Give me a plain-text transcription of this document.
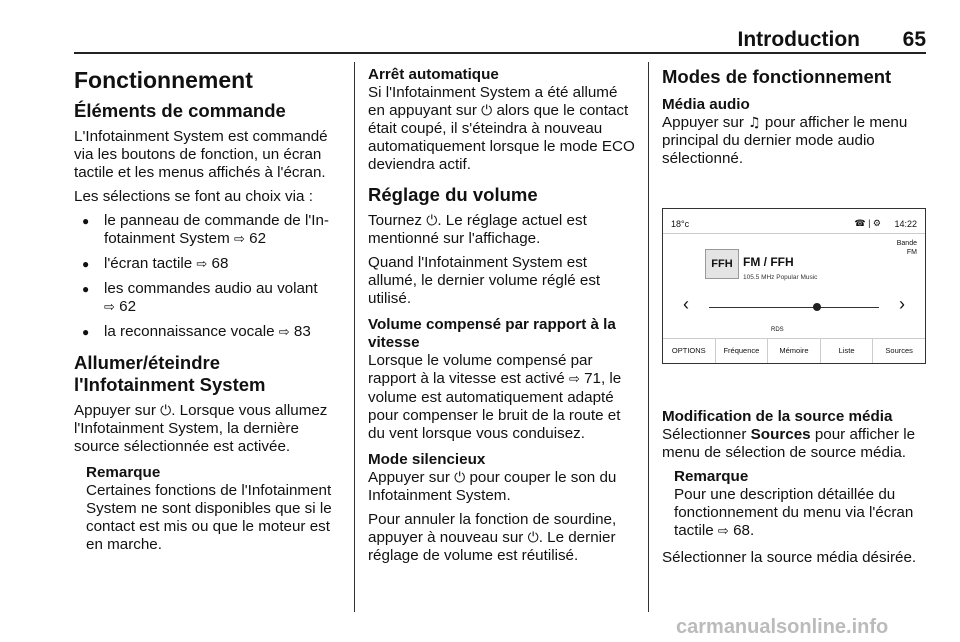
Introduction 65
Fonctionnement
Éléments de commande

L'Infotainment System est commandé via les boutons de fonction, un écran tactile et les menus affichés à l'écran.

Les sélections se font au choix via :

● le panneau de commande de l'Infotainment System ⇨ 62
● l'écran tactile ⇨ 68
● les commandes audio au volant
⇨ 62
● la reconnaissance vocale ⇨ 83
Allumer/éteindre l'Infotainment System

Appuyer sur ⏻. Lorsque vous allumez l'Infotainment System, la dernière source sélectionnée est activée.

Remarque
Certaines fonctions de l'Infotainment System ne sont disponibles que si le contact est mis ou que le moteur est en marche.
Arrêt automatique

Si l'Infotainment System a été allumé en appuyant sur ⏻ alors que le contact était coupé, il s'éteindra à nouveau automatiquement lorsque le mode ECO deviendra actif.

Réglage du volume

Tournez ⏻. Le réglage actuel est mentionné sur l'affichage.

Quand l'Infotainment System est allumé, le dernier volume réglé est utilisé.

Volume compensé par rapport à la vitesse

Lorsque le volume compensé par rapport à la vitesse est activé ⇨ 71, le volume est automatiquement adapté pour compenser le bruit de la route et du vent lorsque vous conduisez.

Mode silencieux

Appuyer sur ⏻ pour couper le son du Infotainment System.

Pour annuler la fonction de sourdine, appuyer à nouveau sur ⏻. Le dernier réglage de volume est réutilisé.

Modes de fonctionnement
Média audio

Appuyer sur ♫ pour afficher le menu principal du dernier mode audio sélectionné.

18°c	☎ | ⚙ 14:22
Bande
FM
FFH FM / FFH
105.5 MHz Popular Music
‹	›
RDS
OPTIONS	Fréquence	Mémoire	Liste	Sources
Modification de la source média

Sélectionner Sources pour afficher le menu de sélection de source média.

Remarque
Pour une description détaillée du fonctionnement du menu via l'écran tactile ⇨ 68.

Sélectionner la source média désirée.

carmanualsonline.info
